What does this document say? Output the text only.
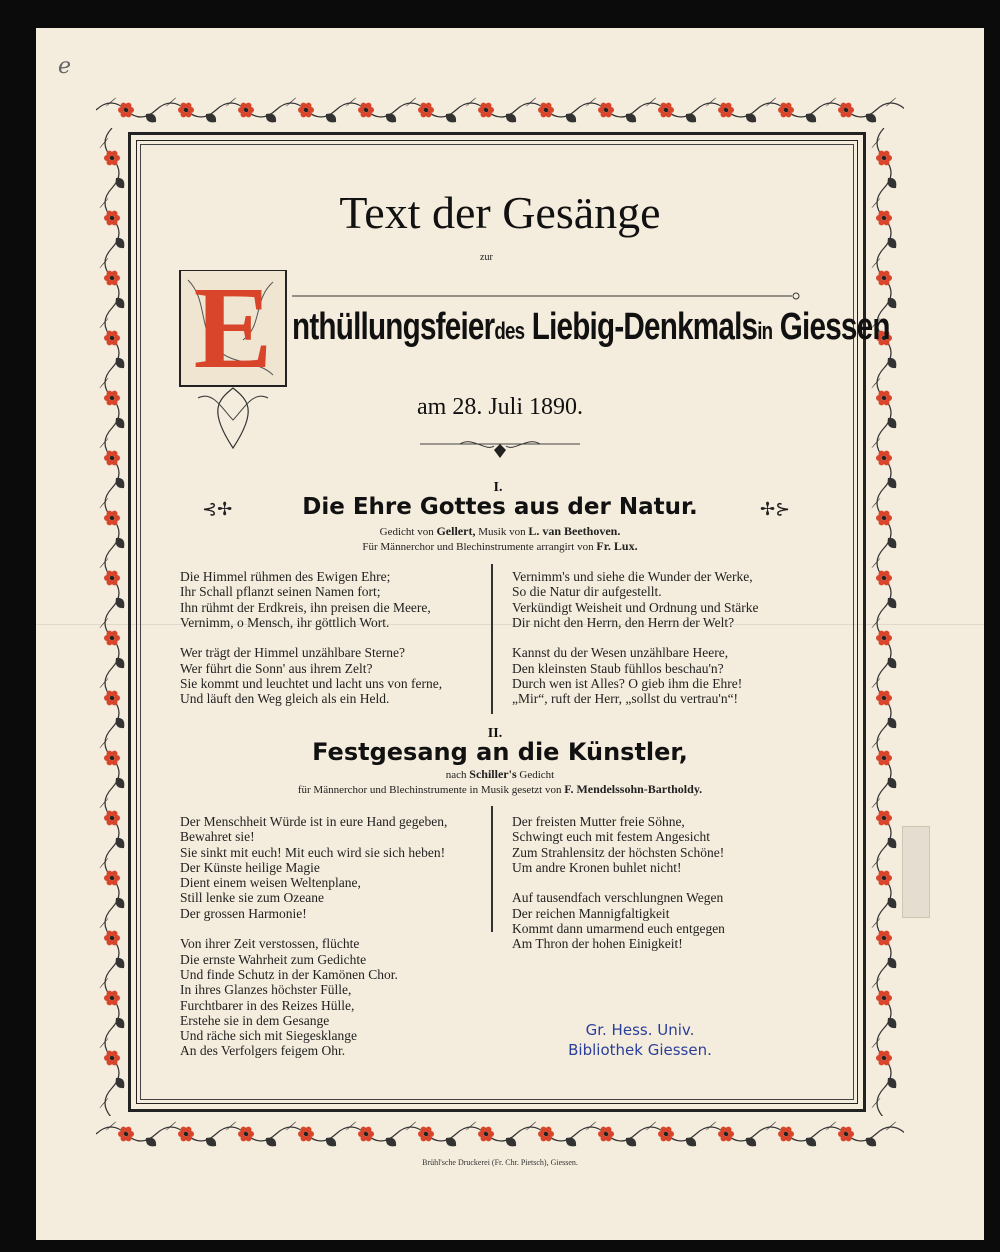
e
Text der Gesänge
zur
E nthüllungsfeierdes Liebig-Denkmalsin Giessen
am 28. Juli 1890.
I.
⊰✢	✢⊱
Die Ehre Gottes aus der Natur.
Gedicht von Gellert, Musik von L. van Beethoven.
Für Männerchor und Blechinstrumente arrangirt von Fr. Lux.
Die Himmel rühmen des Ewigen Ehre;
Ihr Schall pflanzt seinen Namen fort;
Ihn rühmt der Erdkreis, ihn preisen die Meere,
Vernimm, o Mensch, ihr göttlich Wort.
Wer trägt der Himmel unzählbare Sterne?
Wer führt die Sonn' aus ihrem Zelt?
Sie kommt und leuchtet und lacht uns von ferne,
Und läuft den Weg gleich als ein Held.
Vernimm's und siehe die Wunder der Werke,
So die Natur dir aufgestellt.
Verkündigt Weisheit und Ordnung und Stärke
Dir nicht den Herrn, den Herrn der Welt?
Kannst du der Wesen unzählbare Heere,
Den kleinsten Staub fühllos beschau'n?
Durch wen ist Alles? O gieb ihm die Ehre!
„Mir“, ruft der Herr, „sollst du vertrau'n“!
II.
Festgesang an die Künstler,
nach Schiller's Gedicht
für Männerchor und Blechinstrumente in Musik gesetzt von F. Mendelssohn-Bartholdy.
Der Menschheit Würde ist in eure Hand gegeben,
Bewahret sie!
Sie sinkt mit euch! Mit euch wird sie sich heben!
Der Künste heilige Magie
Dient einem weisen Weltenplane,
Still lenke sie zum Ozeane
Der grossen Harmonie!
Von ihrer Zeit verstossen, flüchte
Die ernste Wahrheit zum Gedichte
Und finde Schutz in der Kamönen Chor.
In ihres Glanzes höchster Fülle,
Furchtbarer in des Reizes Hülle,
Erstehe sie in dem Gesange
Und räche sich mit Siegesklange
An des Verfolgers feigem Ohr.
Der freisten Mutter freie Söhne,
Schwingt euch mit festem Angesicht
Zum Strahlensitz der höchsten Schöne!
Um andre Kronen buhlet nicht!
Auf tausendfach verschlungnen Wegen
Der reichen Mannigfaltigkeit
Kommt dann umarmend euch entgegen
Am Thron der hohen Einigkeit!
Gr. Hess. Univ.
Bibliothek Giessen.
Brühl'sche Druckerei (Fr. Chr. Pietsch), Giessen.
